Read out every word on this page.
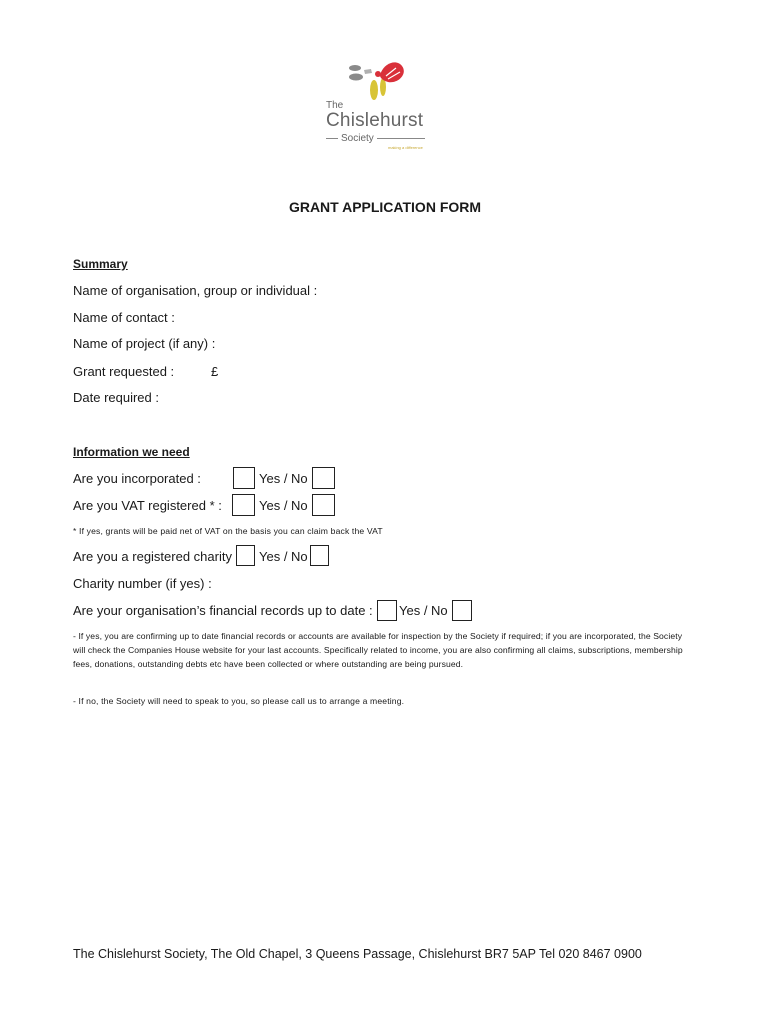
The
Chislehurst
Society
making a difference
GRANT APPLICATION FORM
Summary
Name of organisation, group or individual :
Name of contact :
Name of project (if any) :
Grant requested :	£
Date required :
Information we need
Are you incorporated :	Yes / No
Are you VAT registered * :	Yes / No
* If yes, grants will be paid net of VAT on the basis you can claim back the VAT
Are you a registered charity Yes / No
Charity number (if yes) :
Are your organisation’s financial records up to date : Yes / No
- If yes, you are confirming up to date financial records or accounts are available for inspection by the Society if required; if you are incorporated, the Society will check the Companies House website for your last accounts. Specifically related to income, you are also confirming all claims, subscriptions, membership fees, donations, outstanding debts etc have been collected or where outstanding are being pursued.
- If no, the Society will need to speak to you, so please call us to arrange a meeting.
The Chislehurst Society, The Old Chapel, 3 Queens Passage, Chislehurst BR7 5AP Tel 020 8467 0900
